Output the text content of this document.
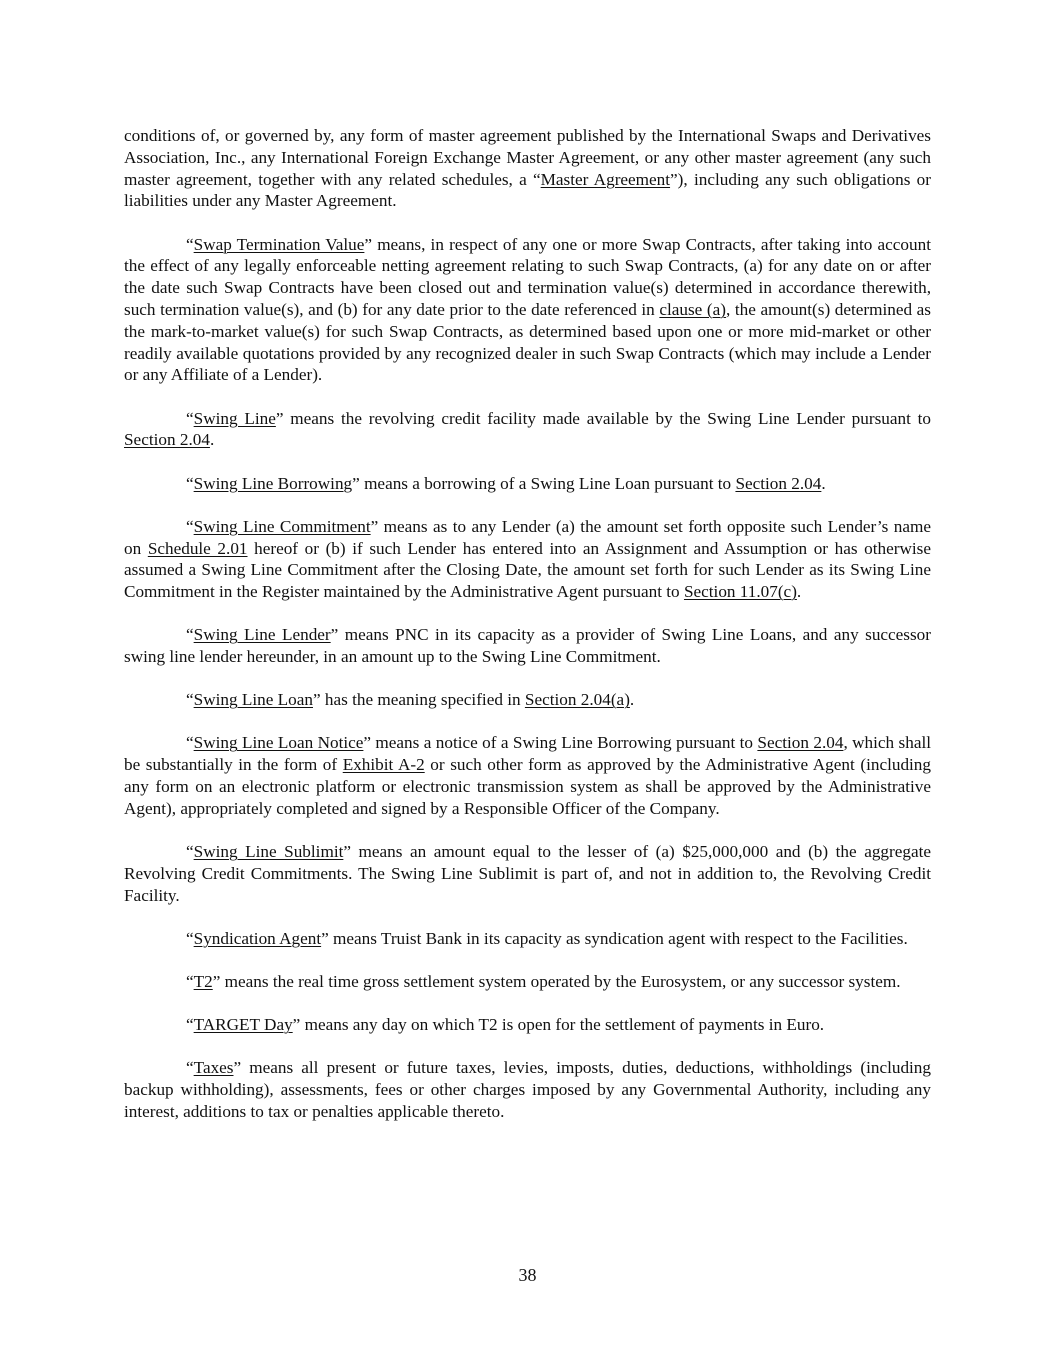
conditions of, or governed by, any form of master agreement published by the International Swaps and Derivatives Association, Inc., any International Foreign Exchange Master Agreement, or any other master agreement (any such master agreement, together with any related schedules, a “Master Agreement”), including any such obligations or liabilities under any Master Agreement.

“Swap Termination Value” means, in respect of any one or more Swap Contracts, after taking into account the effect of any legally enforceable netting agreement relating to such Swap Contracts, (a) for any date on or after the date such Swap Contracts have been closed out and termination value(s) determined in accordance therewith, such termination value(s), and (b) for any date prior to the date referenced in clause (a), the amount(s) determined as the mark-to-market value(s) for such Swap Contracts, as determined based upon one or more mid-market or other readily available quotations provided by any recognized dealer in such Swap Contracts (which may include a Lender or any Affiliate of a Lender).

“Swing Line” means the revolving credit facility made available by the Swing Line Lender pursuant to Section 2.04.

“Swing Line Borrowing” means a borrowing of a Swing Line Loan pursuant to Section 2.04.

“Swing Line Commitment” means as to any Lender (a) the amount set forth opposite such Lender’s name on Schedule 2.01 hereof or (b) if such Lender has entered into an Assignment and Assumption or has otherwise assumed a Swing Line Commitment after the Closing Date, the amount set forth for such Lender as its Swing Line Commitment in the Register maintained by the Administrative Agent pursuant to Section 11.07(c).

“Swing Line Lender” means PNC in its capacity as a provider of Swing Line Loans, and any successor swing line lender hereunder, in an amount up to the Swing Line Commitment.

“Swing Line Loan” has the meaning specified in Section 2.04(a).

“Swing Line Loan Notice” means a notice of a Swing Line Borrowing pursuant to Section 2.04, which shall be substantially in the form of Exhibit A-2 or such other form as approved by the Administrative Agent (including any form on an electronic platform or electronic transmission system as shall be approved by the Administrative Agent), appropriately completed and signed by a Responsible Officer of the Company.

“Swing Line Sublimit” means an amount equal to the lesser of (a) $25,000,000 and (b) the aggregate Revolving Credit Commitments. The Swing Line Sublimit is part of, and not in addition to, the Revolving Credit Facility.

“Syndication Agent” means Truist Bank in its capacity as syndication agent with respect to the Facilities.

“T2” means the real time gross settlement system operated by the Eurosystem, or any successor system.

“TARGET Day” means any day on which T2 is open for the settlement of payments in Euro.

“Taxes” means all present or future taxes, levies, imposts, duties, deductions, withholdings (including backup withholding), assessments, fees or other charges imposed by any Governmental Authority, including any interest, additions to tax or penalties applicable thereto.

38
